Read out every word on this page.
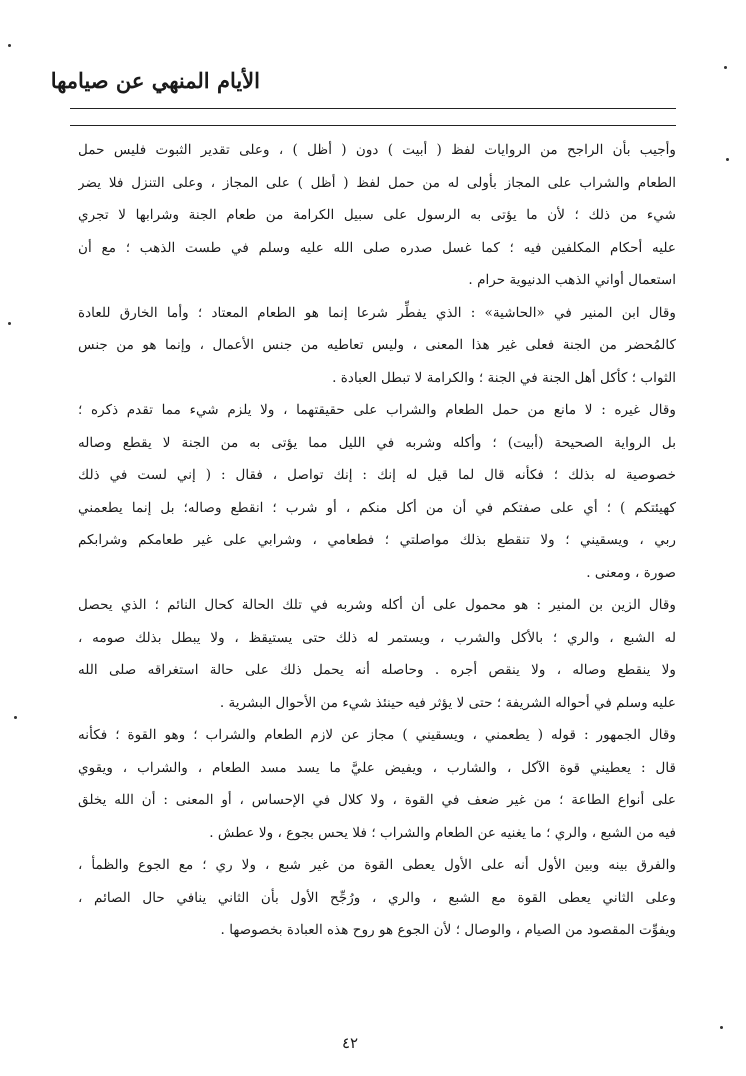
الأيام المنهي عن صيامها
وأجيب بأن الراجح من الروايات لفظ ( أبيت ) دون ( أظل ) ، وعلى تقدير الثبوت فليس حمل
الطعام والشراب على المجاز بأولى له من حمل لفظ ( أظل ) على المجاز ، وعلى التنزل فلا يضر
شيء من ذلك ؛ لأن ما يؤتى به الرسول على سبيل الكرامة من طعام الجنة وشرابها لا تجري
عليه أحكام المكلفين فيه ؛ كما غسل صدره صلى الله عليه وسلم في طست الذهب ؛ مع أن
استعمال أواني الذهب الدنيوية حرام .
وقال ابن المنير في «الحاشية» : الذي يفطِّر شرعا إنما هو الطعام المعتاد ؛ وأما الخارق للعادة
كالمُحضر من الجنة فعلى غير هذا المعنى ، وليس تعاطيه من جنس الأعمال ، وإنما هو من جنس
الثواب ؛ كأكل أهل الجنة في الجنة ؛ والكرامة لا تبطل العبادة .
وقال غيره : لا مانع من حمل الطعام والشراب على حقيقتهما ، ولا يلزم شيء مما تقدم ذكره ؛
بل الرواية الصحيحة (أبيت) ؛ وأكله وشربه في الليل مما يؤتى به من الجنة لا يقطع وصاله
خصوصية له بذلك ؛ فكأنه قال لما قيل له إنك : إنك تواصل ، فقال : ( إني لست في ذلك
كهيئتكم ) ؛ أي على صفتكم في أن من أكل منكم ، أو شرب ؛ انقطع وصاله؛ بل إنما يطعمني
ربي ، ويسقيني ؛ ولا تنقطع بذلك مواصلتي ؛ فطعامي ، وشرابي على غير طعامكم وشرابكم
صورة ، ومعنى .
وقال الزين بن المنير : هو محمول على أن أكله وشربه في تلك الحالة كحال النائم ؛ الذي يحصل
له الشبع ، والري ؛ بالأكل والشرب ، ويستمر له ذلك حتى يستيقظ ، ولا يبطل بذلك صومه ،
ولا ينقطع وصاله ، ولا ينقص أجره . وحاصله أنه يحمل ذلك على حالة استغراقه صلى الله
عليه وسلم في أحواله الشريفة ؛ حتى لا يؤثر فيه حينئذ شيء من الأحوال البشرية .
وقال الجمهور : قوله ( يطعمني ، ويسقيني ) مجاز عن لازم الطعام والشراب ؛ وهو القوة ؛ فكأنه
قال : يعطيني قوة الآكل ، والشارب ، ويفيض عليَّ ما يسد مسد الطعام ، والشراب ، ويقوي
على أنواع الطاعة ؛ من غير ضعف في القوة ، ولا كلال في الإحساس ، أو المعنى : أن الله يخلق
فيه من الشبع ، والري ؛ ما يغنيه عن الطعام والشراب ؛ فلا يحس بجوع ، ولا عطش .
والفرق بينه وبين الأول أنه على الأول يعطى القوة من غير شبع ، ولا ري ؛ مع الجوع والظمأ ،
وعلى الثاني يعطى القوة مع الشبع ، والري ، ورُجِّح الأول بأن الثاني ينافي حال الصائم ،
ويفوِّت المقصود من الصيام ، والوصال ؛ لأن الجوع هو روح هذه العبادة بخصوصها .
٤٢
